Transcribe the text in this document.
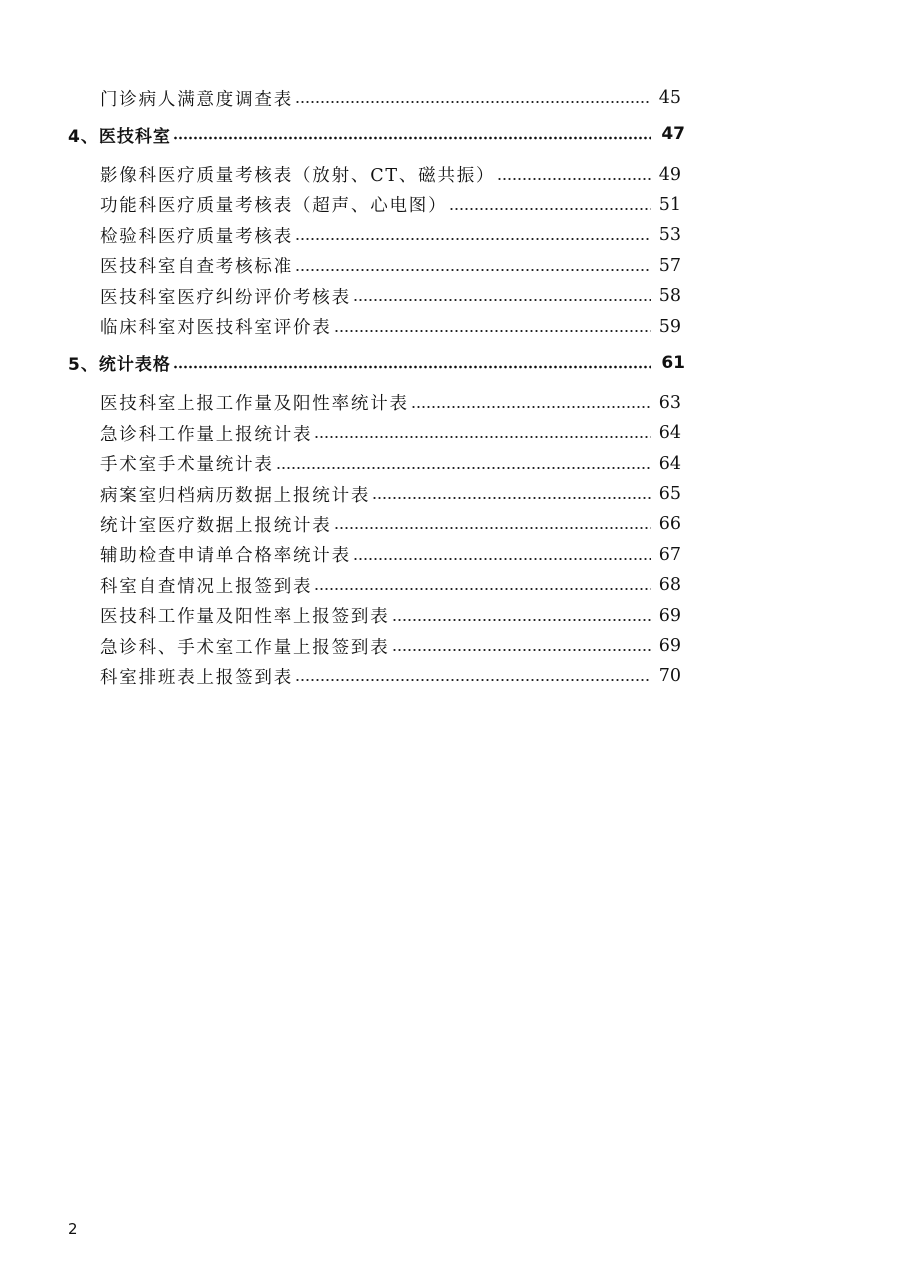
门诊病人满意度调查表	45
4、医技科室	47
影像科医疗质量考核表（放射、CT、磁共振）	49
功能科医疗质量考核表（超声、心电图）	51
检验科医疗质量考核表	53
医技科室自查考核标准	57
医技科室医疗纠纷评价考核表	58
临床科室对医技科室评价表	59
5、统计表格	61
医技科室上报工作量及阳性率统计表	63
急诊科工作量上报统计表	64
手术室手术量统计表	64
病案室归档病历数据上报统计表	65
统计室医疗数据上报统计表	66
辅助检查申请单合格率统计表	67
科室自查情况上报签到表	68
医技科工作量及阳性率上报签到表	69
急诊科、手术室工作量上报签到表	69
科室排班表上报签到表	70
2
